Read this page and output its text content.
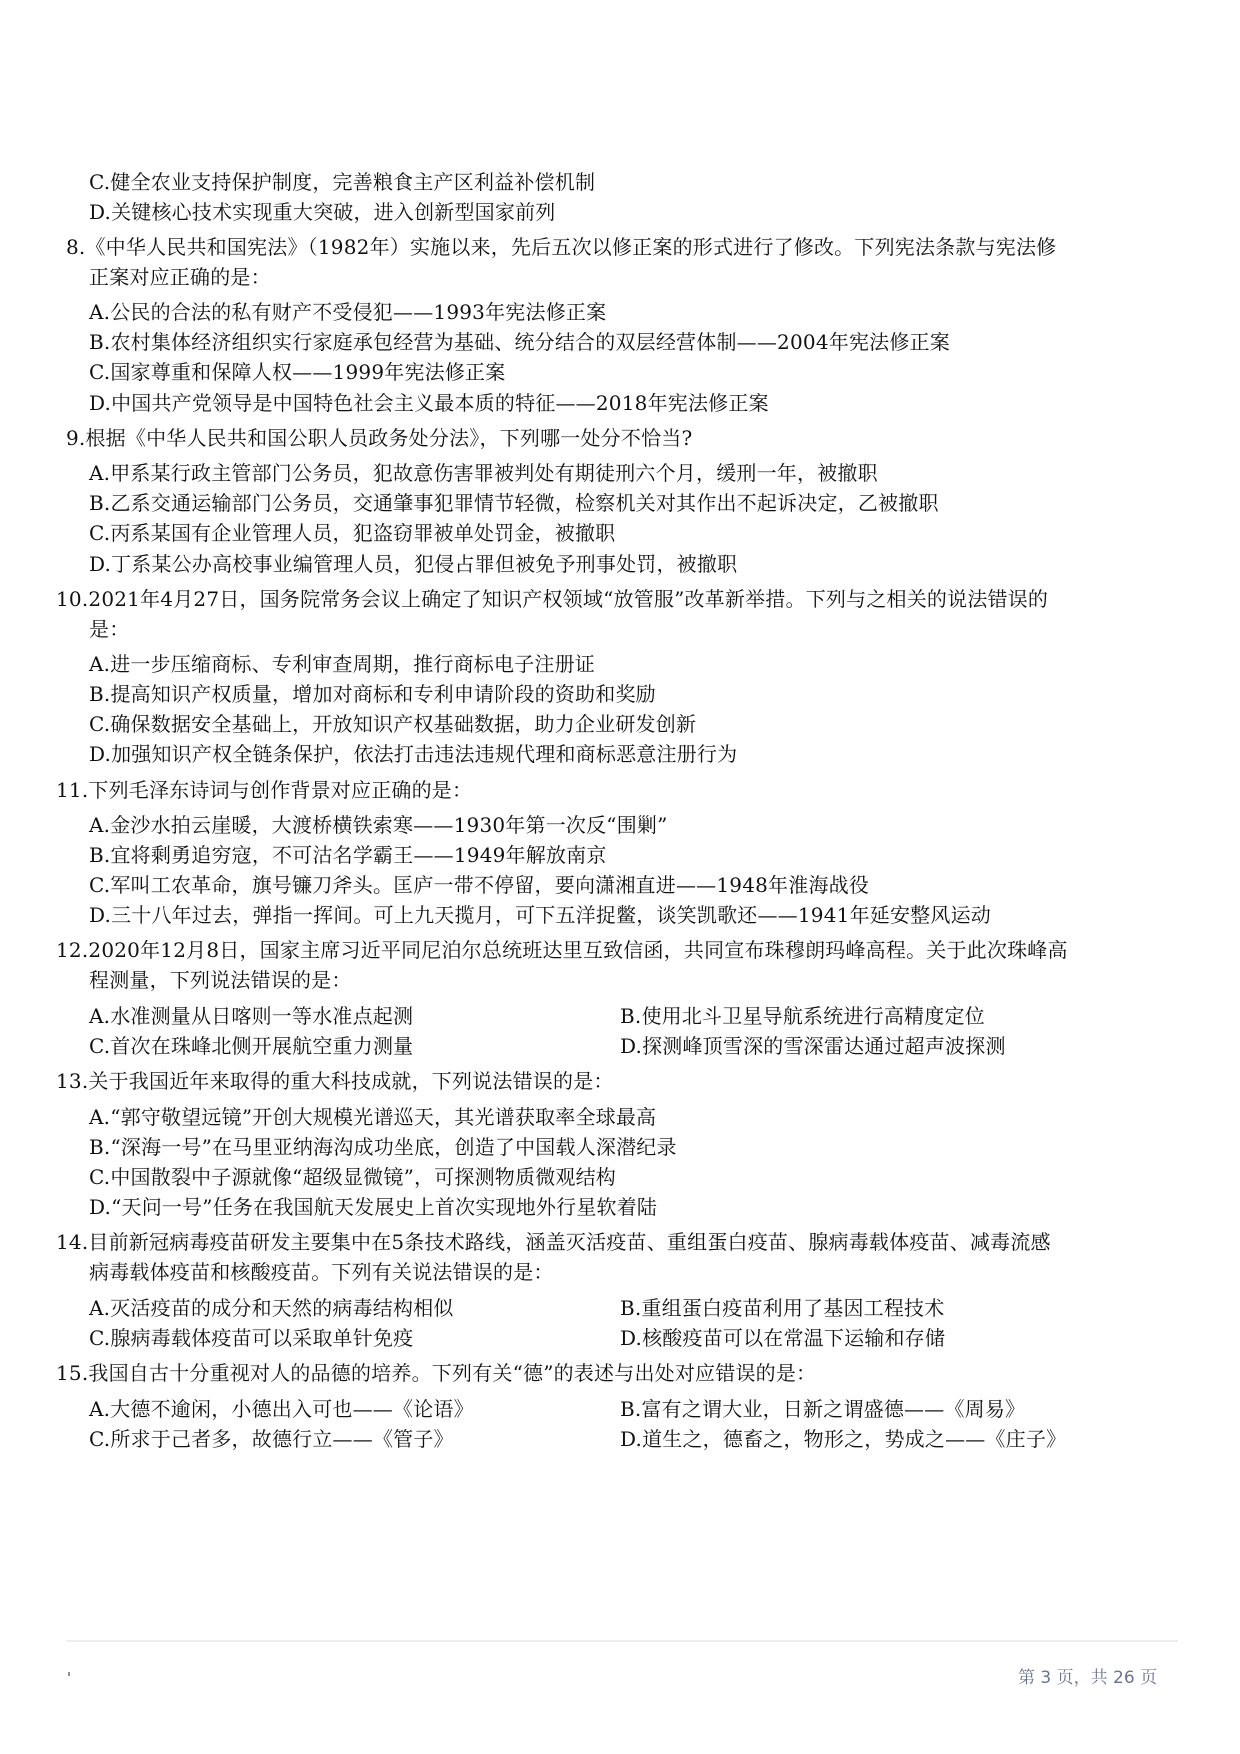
C.健全农业支持保护制度，完善粮食主产区利益补偿机制
D.关键核心技术实现重大突破，进入创新型国家前列
8.《中华人民共和国宪法》（1982年）实施以来，先后五次以修正案的形式进行了修改。下列宪法条款与宪法修
正案对应正确的是：
A.公民的合法的私有财产不受侵犯——1993年宪法修正案
B.农村集体经济组织实行家庭承包经营为基础、统分结合的双层经营体制——2004年宪法修正案
C.国家尊重和保障人权——1999年宪法修正案
D.中国共产党领导是中国特色社会主义最本质的特征——2018年宪法修正案
9.根据《中华人民共和国公职人员政务处分法》，下列哪一处分不恰当?
A.甲系某行政主管部门公务员，犯故意伤害罪被判处有期徒刑六个月，缓刑一年，被撤职
B.乙系交通运输部门公务员，交通肇事犯罪情节轻微，检察机关对其作出不起诉决定，乙被撤职
C.丙系某国有企业管理人员，犯盗窃罪被单处罚金，被撤职
D.丁系某公办高校事业编管理人员，犯侵占罪但被免予刑事处罚，被撤职
10.2021年4月27日，国务院常务会议上确定了知识产权领域“放管服”改革新举措。下列与之相关的说法错误的
是：
A.进一步压缩商标、专利审查周期，推行商标电子注册证
B.提高知识产权质量，增加对商标和专利申请阶段的资助和奖励
C.确保数据安全基础上，开放知识产权基础数据，助力企业研发创新
D.加强知识产权全链条保护，依法打击违法违规代理和商标恶意注册行为
11.下列毛泽东诗词与创作背景对应正确的是：
A.金沙水拍云崖暖，大渡桥横铁索寒——1930年第一次反“围剿”
B.宜将剩勇追穷寇，不可沽名学霸王——1949年解放南京
C.军叫工农革命，旗号镰刀斧头。匡庐一带不停留，要向潇湘直进——1948年淮海战役
D.三十八年过去，弹指一挥间。可上九天揽月，可下五洋捉鳖，谈笑凯歌还——1941年延安整风运动
12.2020年12月8日，国家主席习近平同尼泊尔总统班达里互致信函，共同宣布珠穆朗玛峰高程。关于此次珠峰高
程测量，下列说法错误的是：
A.水准测量从日喀则一等水准点起测	B.使用北斗卫星导航系统进行高精度定位
C.首次在珠峰北侧开展航空重力测量	D.探测峰顶雪深的雪深雷达通过超声波探测
13.关于我国近年来取得的重大科技成就，下列说法错误的是：
A.“郭守敬望远镜”开创大规模光谱巡天，其光谱获取率全球最高
B.“深海一号”在马里亚纳海沟成功坐底，创造了中国载人深潜纪录
C.中国散裂中子源就像“超级显微镜”，可探测物质微观结构
D.“天问一号”任务在我国航天发展史上首次实现地外行星软着陆
14.目前新冠病毒疫苗研发主要集中在5条技术路线，涵盖灭活疫苗、重组蛋白疫苗、腺病毒载体疫苗、减毒流感
病毒载体疫苗和核酸疫苗。下列有关说法错误的是：
A.灭活疫苗的成分和天然的病毒结构相似	B.重组蛋白疫苗利用了基因工程技术
C.腺病毒载体疫苗可以采取单针免疫	D.核酸疫苗可以在常温下运输和存储
15.我国自古十分重视对人的品德的培养。下列有关“德”的表述与出处对应错误的是：
A.大德不逾闲，小德出入可也——《论语》	B.富有之谓大业，日新之谓盛德——《周易》
C.所求于己者多，故德行立——《管子》	D.道生之，德畜之，物形之，势成之——《庄子》
第 3 页，共 26 页
